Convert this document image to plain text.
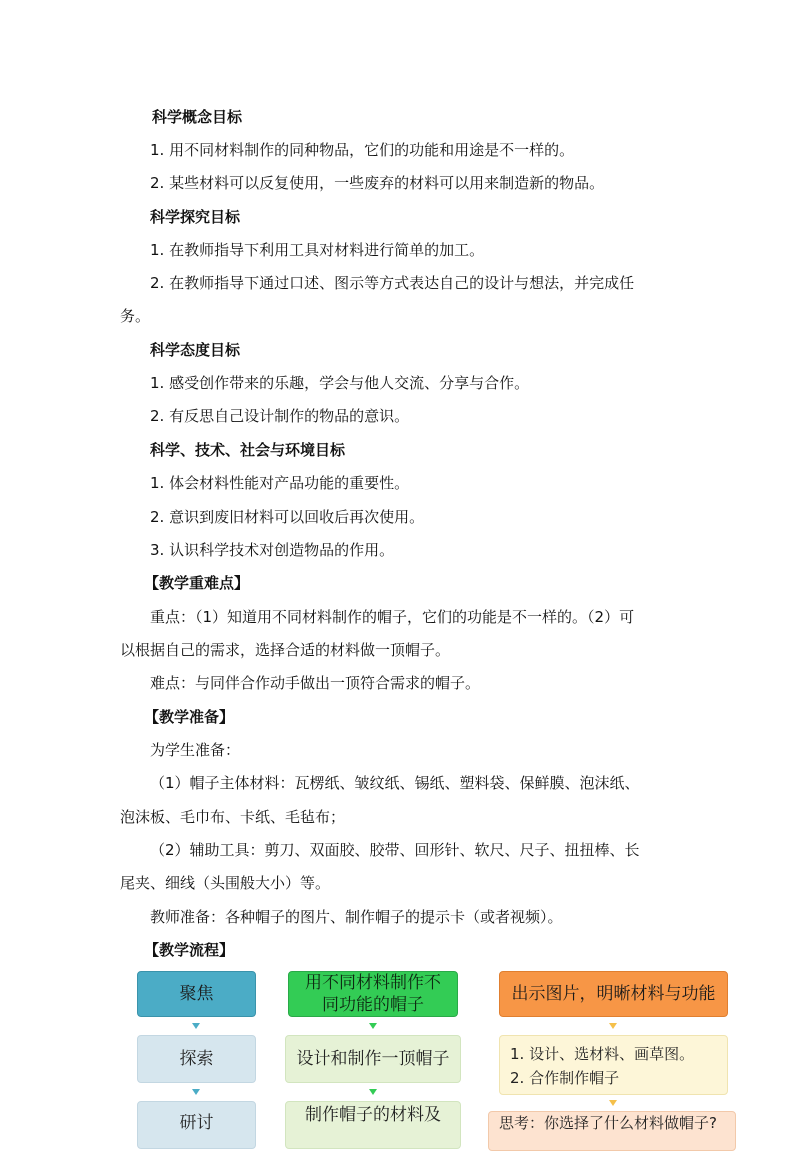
科学概念目标
1. 用不同材料制作的同种物品，它们的功能和用途是不一样的。
2. 某些材料可以反复使用，一些废弃的材料可以用来制造新的物品。
科学探究目标
1. 在教师指导下利用工具对材料进行简单的加工。
2. 在教师指导下通过口述、图示等方式表达自己的设计与想法，并完成任
务。
科学态度目标
1. 感受创作带来的乐趣，学会与他人交流、分享与合作。
2. 有反思自己设计制作的物品的意识。
科学、技术、社会与环境目标
1. 体会材料性能对产品功能的重要性。
2. 意识到废旧材料可以回收后再次使用。
3. 认识科学技术对创造物品的作用。
【教学重难点】
重点：（1）知道用不同材料制作的帽子，它们的功能是不一样的。（2）可
以根据自己的需求，选择合适的材料做一顶帽子。
难点：与同伴合作动手做出一顶符合需求的帽子。
【教学准备】
为学生准备：
（1）帽子主体材料：瓦楞纸、皱纹纸、锡纸、塑料袋、保鲜膜、泡沫纸、
泡沫板、毛巾布、卡纸、毛毡布；
（2）辅助工具：剪刀、双面胶、胶带、回形针、软尺、尺子、扭扭棒、长
尾夹、细线（头围般大小）等。
教师准备：各种帽子的图片、制作帽子的提示卡（或者视频）。
【教学流程】
聚焦
探索
研讨
用不同材料制作不同功能的帽子
设计和制作一顶帽子
制作帽子的材料及
出示图片，明晰材料与功能
1. 设计、选材料、画草图。
2. 合作制作帽子
思考：你选择了什么材料做帽子?
